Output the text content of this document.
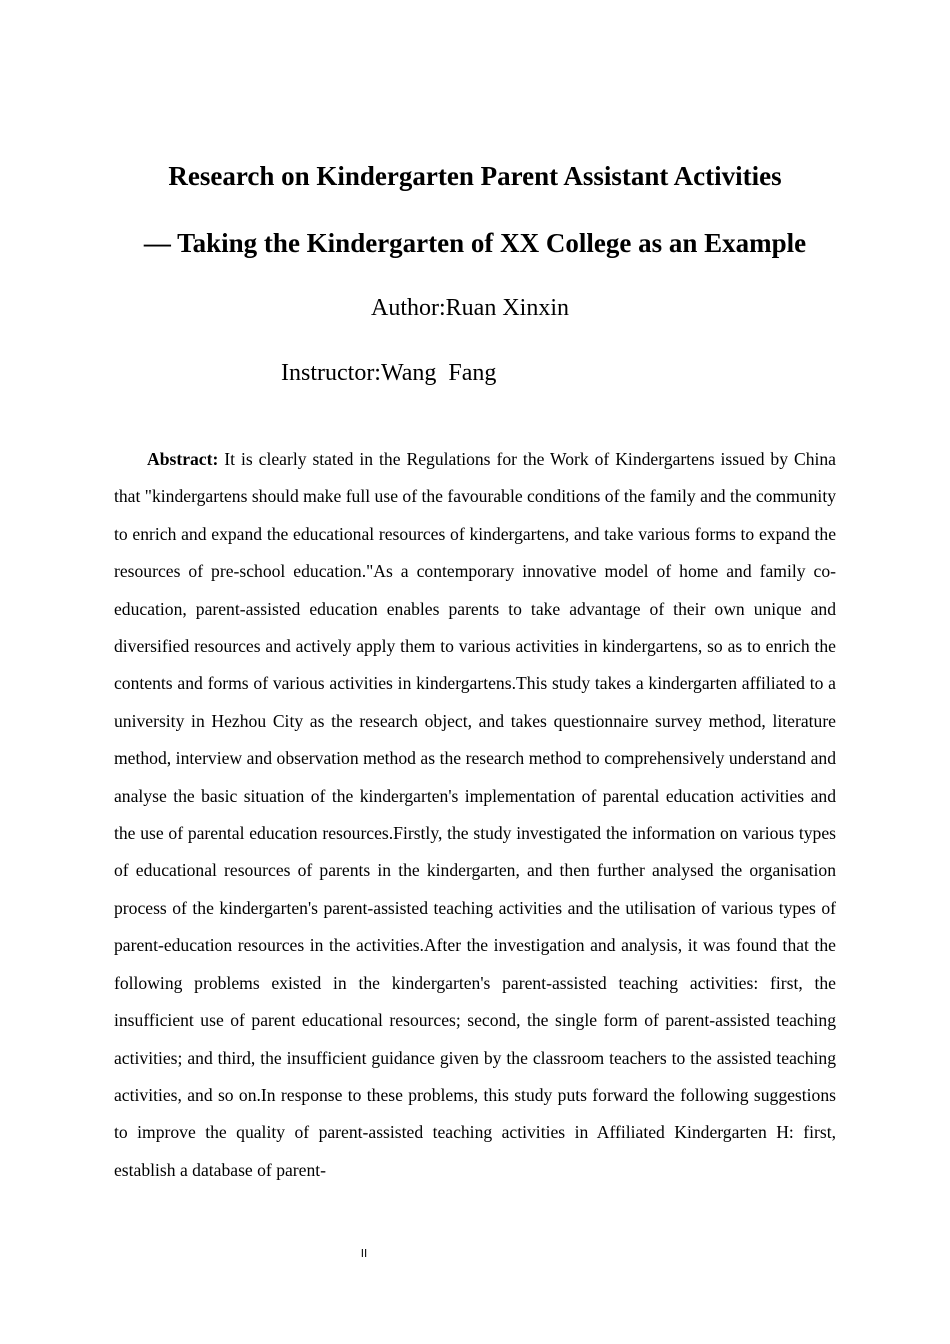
Research on Kindergarten Parent Assistant Activities
— Taking the Kindergarten of XX College as an Example
Author:Ruan Xinxin
Instructor:Wang  Fang

Abstract: It is clearly stated in the Regulations for the Work of Kindergartens issued by China that "kindergartens should make full use of the favourable conditions of the family and the community to enrich and expand the educational resources of kindergartens, and take various forms to expand the resources of pre-school education."As a contemporary innovative model of home and family co-education, parent-assisted education enables parents to take advantage of their own unique and diversified resources and actively apply them to various activities in kindergartens, so as to enrich the contents and forms of various activities in kindergartens.This study takes a kindergarten affiliated to a university in Hezhou City as the research object, and takes questionnaire survey method, literature method, interview and observation method as the research method to comprehensively understand and analyse the basic situation of the kindergarten's implementation of parental education activities and the use of parental education resources.Firstly, the study investigated the information on various types of educational resources of parents in the kindergarten, and then further analysed the organisation process of the kindergarten's parent-assisted teaching activities and the utilisation of various types of parent-education resources in the activities.After the investigation and analysis, it was found that the following problems existed in the kindergarten's parent-assisted teaching activities: first, the insufficient use of parent educational resources; second, the single form of parent-assisted teaching activities; and third, the insufficient guidance given by the classroom teachers to the assisted teaching activities, and so on.In response to these problems, this study puts forward the following suggestions to improve the quality of parent-assisted teaching activities in Affiliated Kindergarten H: first, establish a database of parent-

II
